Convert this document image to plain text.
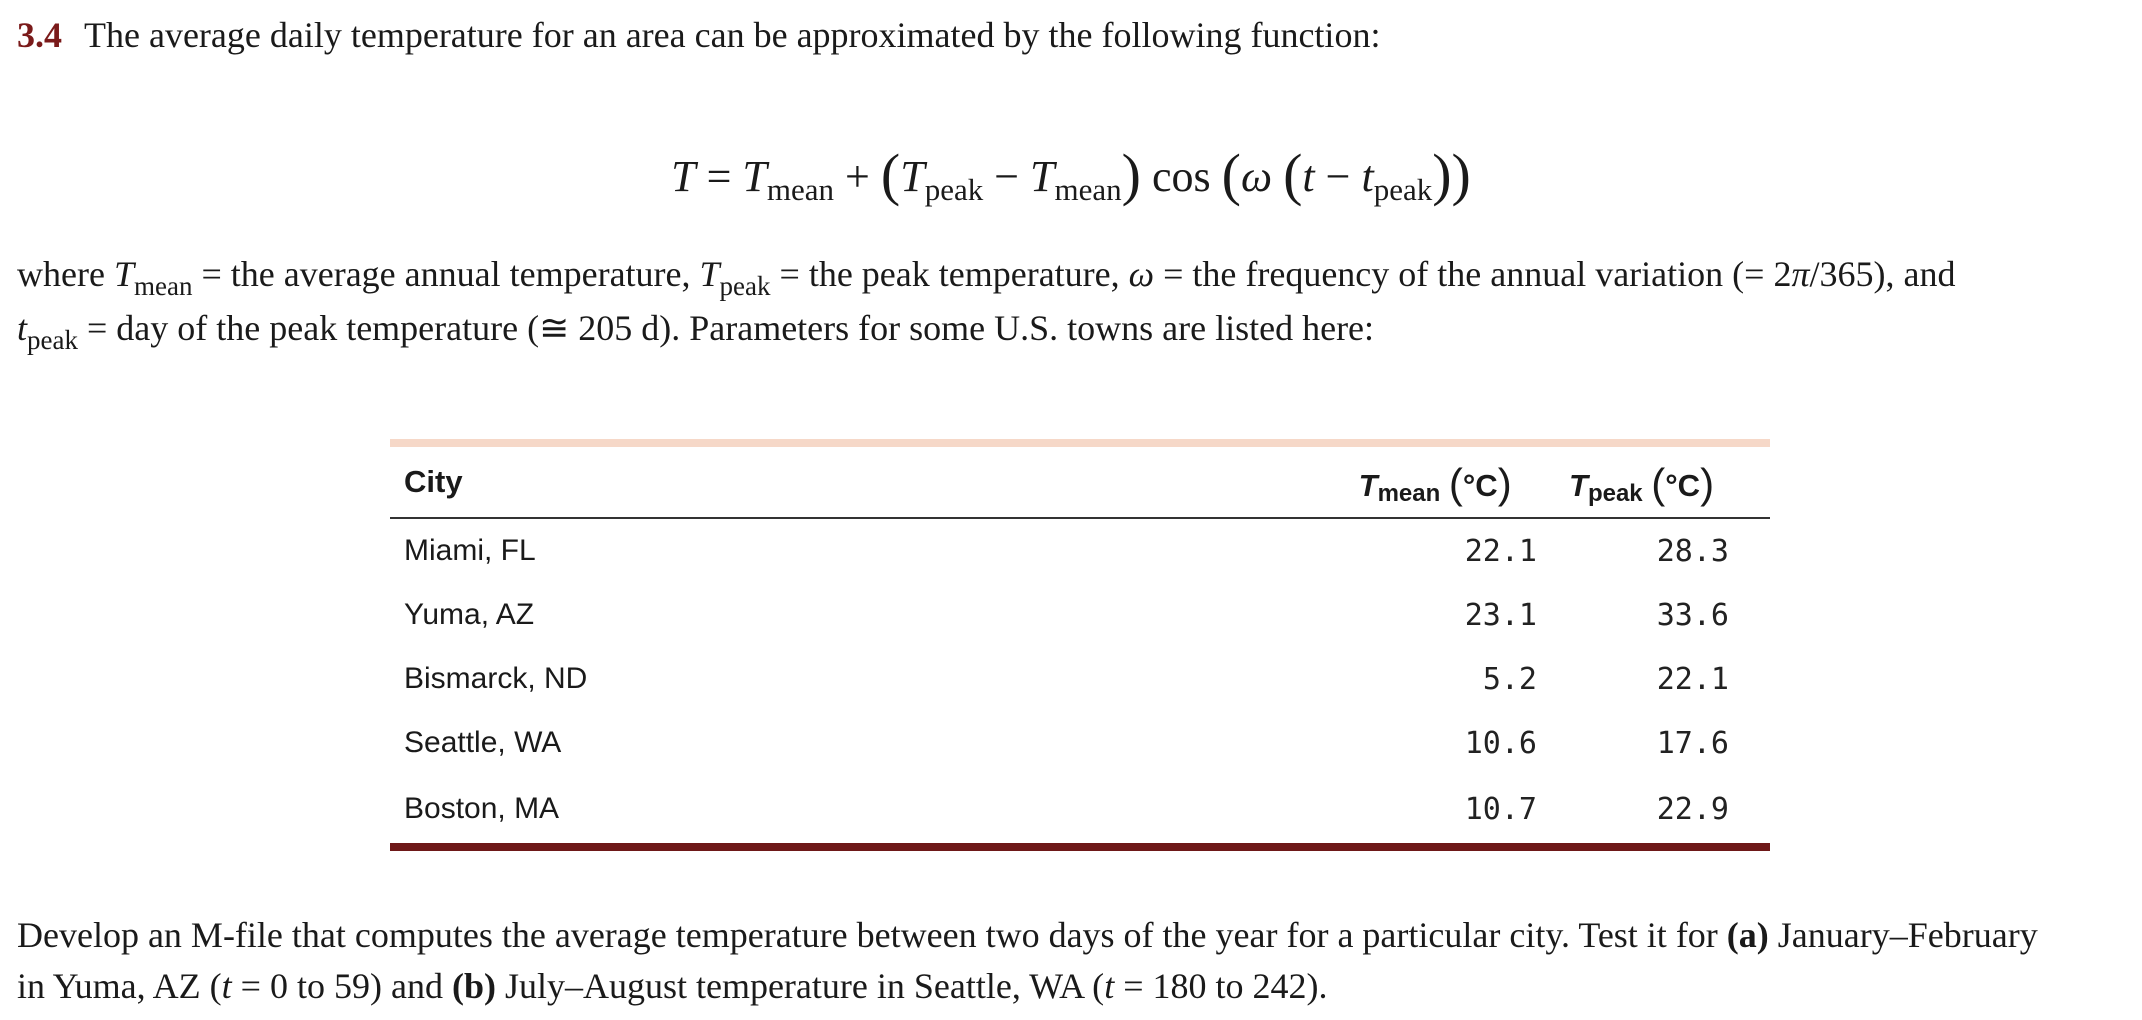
3.4 The average daily temperature for an area can be approximated by the following function:
$T = T_{mean} + (T_{peak} - T_{mean})$ cos (ω $(t - t_{peak})$)
where $T_{mean}$ = the average annual temperature, $T_{peak}$ = the peak temperature, ω = the frequency of the annual variation (= 2π/365), and
$t_{peak}$ = day of the peak temperature (≅ 205 d). Parameters for some U.S. towns are listed here:
City	Tmean (°C)	Tpeak (°C)
Miami, FL	22.1	28.3
Yuma, AZ	23.1	33.6
Bismarck, ND	5.2	22.1
Seattle, WA	10.6	17.6
Boston, MA	10.7	22.9
Develop an M-file that computes the average temperature between two days of the year for a particular city. Test it for (a) January–February
in Yuma, AZ (t = 0 to 59) and (b) July–August temperature in Seattle, WA (t = 180 to 242).
